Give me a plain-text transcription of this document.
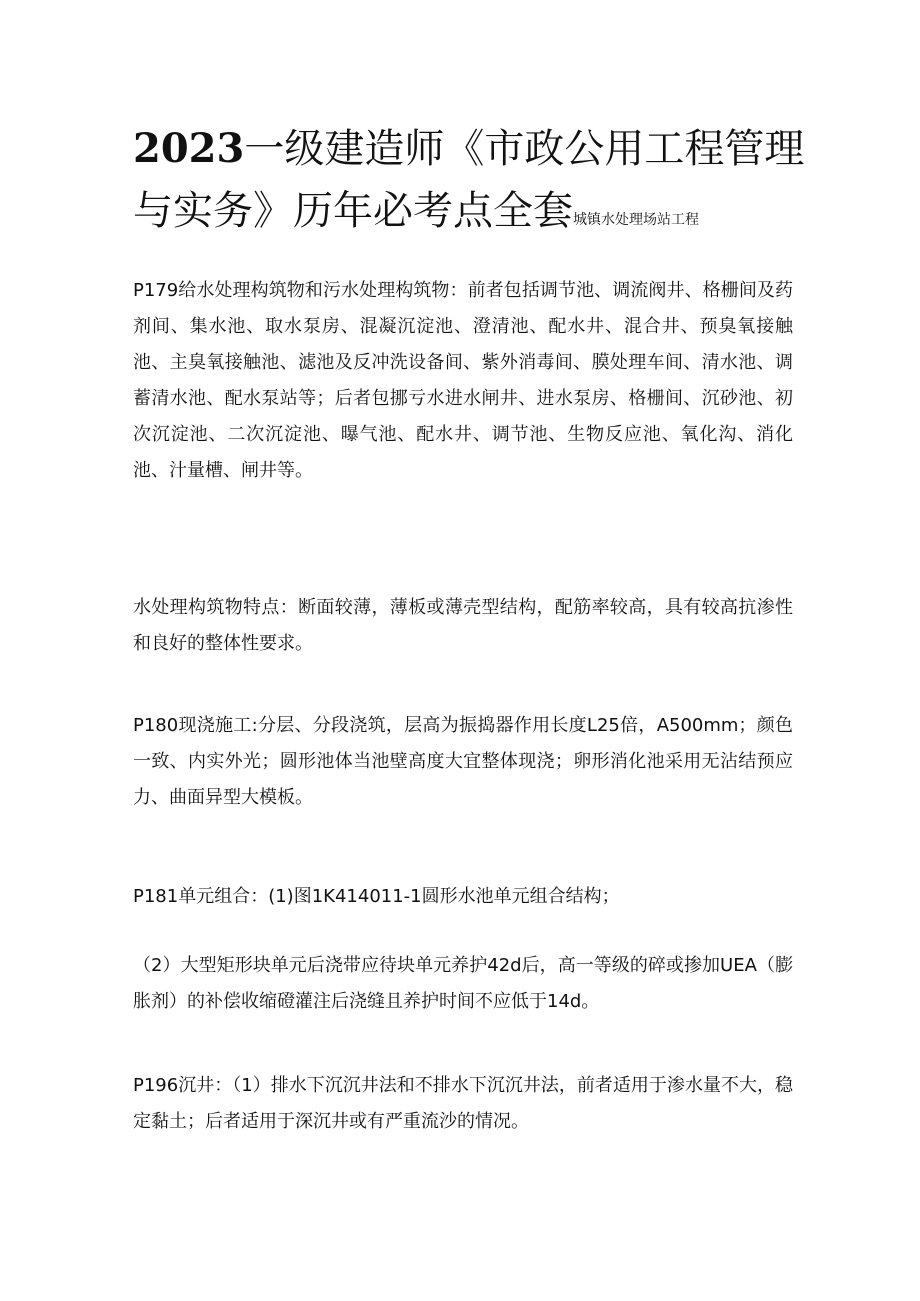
2023一级建造师《市政公用工程管理与实务》历年必考点全套城镇水处理场站工程

P179给水处理构筑物和污水处理构筑物：前者包括调节池、调流阀井、格栅间及药剂间、集水池、取水泵房、混凝沉淀池、澄清池、配水井、混合井、预臭氧接触池、主臭氧接触池、滤池及反冲洗设备间、紫外消毒间、膜处理车间、清水池、调蓄清水池、配水泵站等；后者包挪亏水进水闸井、进水泵房、格栅间、沉砂池、初次沉淀池、二次沉淀池、曝气池、配水井、调节池、生物反应池、氧化沟、消化池、汁量槽、闸井等。

水处理构筑物特点：断面较薄，薄板或薄壳型结构，配筋率较高，具有较高抗渗性和良好的整体性要求。

P180现浇施工:分层、分段浇筑，层高为振捣器作用长度L25倍，A500mm；颜色一致、内实外光；圆形池体当池壁高度大宜整体现浇；卵形消化池采用无沾结预应力、曲面异型大模板。

P181单元组合：(1)图1K414011-1圆形水池单元组合结构；

（2）大型矩形块单元后浇带应待块单元养护42d后，高一等级的碎或掺加UEA（膨胀剂）的补偿收缩磴灌注后浇缝且养护时间不应低于14d。

P196沉井：（1）排水下沉沉井法和不排水下沉沉井法，前者适用于渗水量不大，稳定黏土；后者适用于深沉井或有严重流沙的情况。
